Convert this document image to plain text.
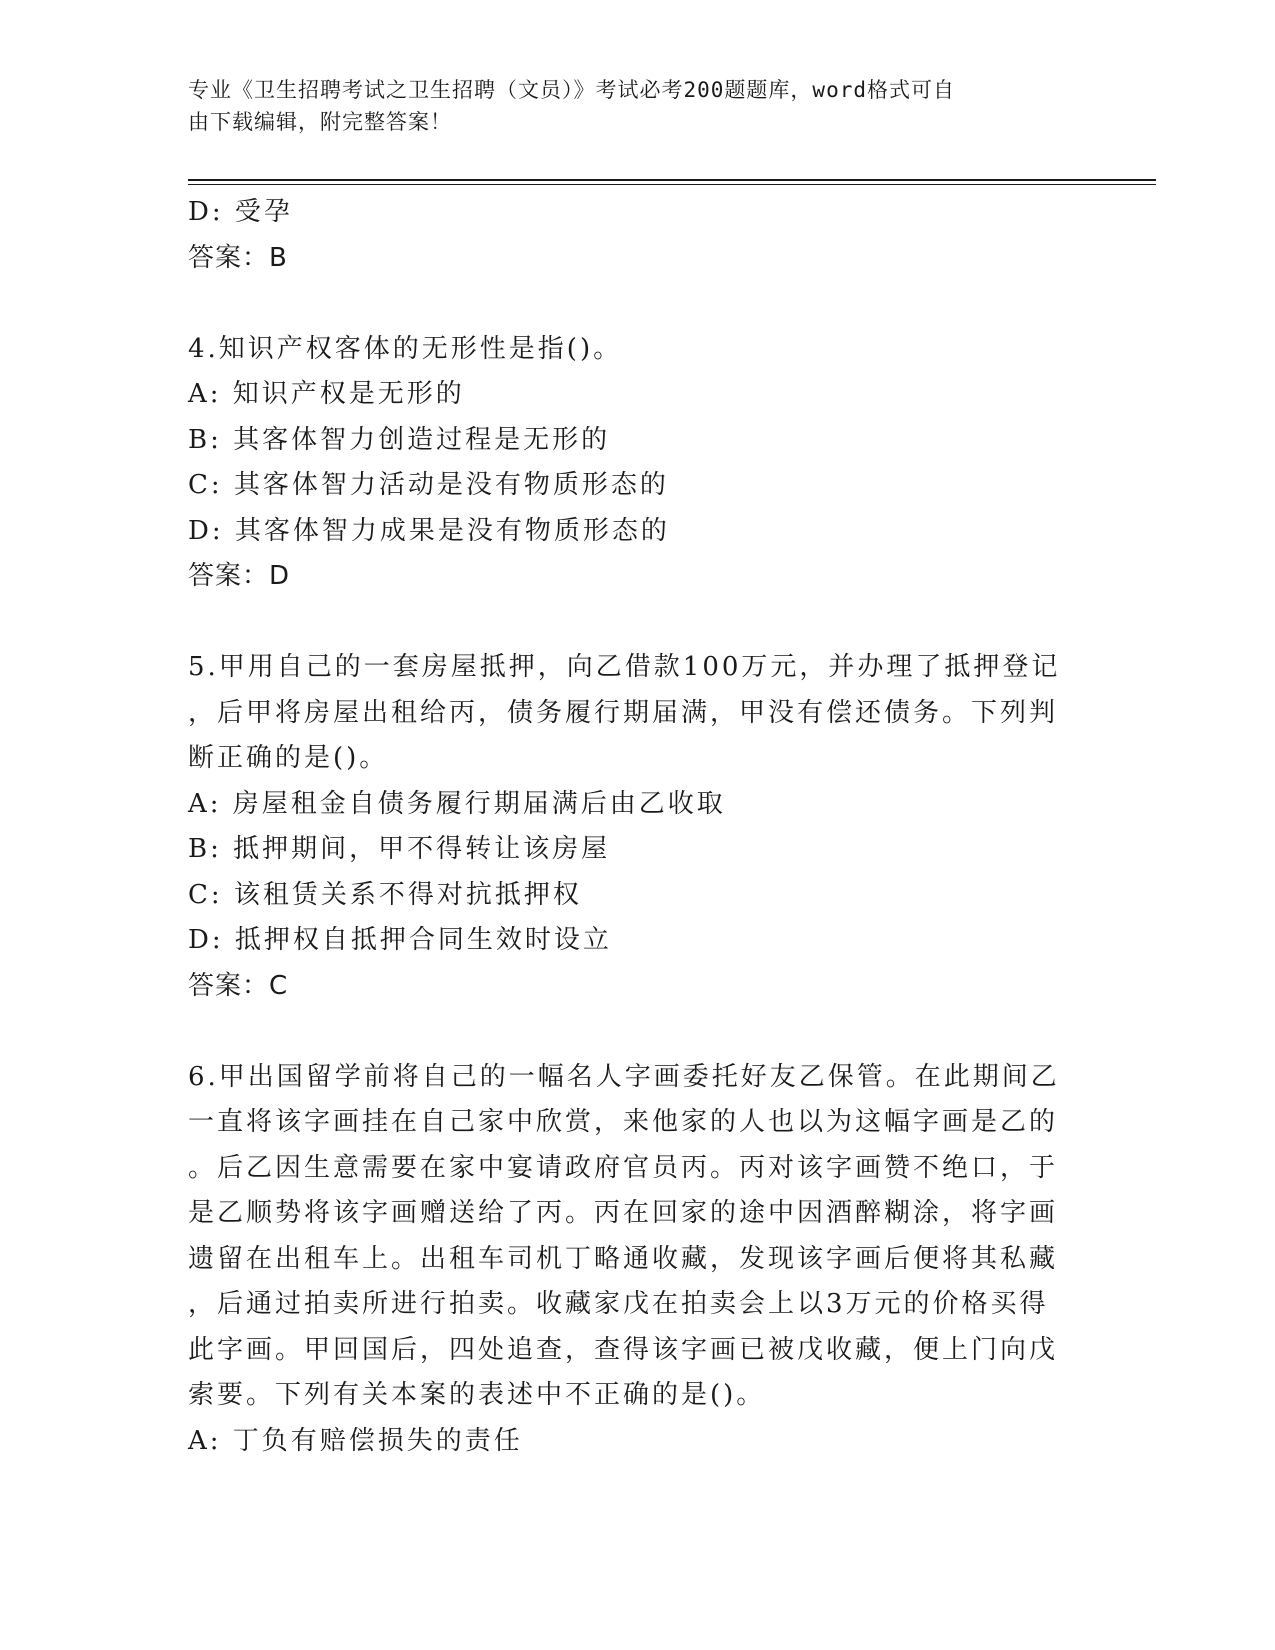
专业《卫生招聘考试之卫生招聘（文员）》考试必考200题题库，word格式可自
由下载编辑，附完整答案！
D: 受孕
答案：B
4.知识产权客体的无形性是指()。
A: 知识产权是无形的
B: 其客体智力创造过程是无形的
C: 其客体智力活动是没有物质形态的
D: 其客体智力成果是没有物质形态的
答案：D
5.甲用自己的一套房屋抵押，向乙借款100万元，并办理了抵押登记
，后甲将房屋出租给丙，债务履行期届满，甲没有偿还债务。下列判
断正确的是()。
A: 房屋租金自债务履行期届满后由乙收取
B: 抵押期间，甲不得转让该房屋
C: 该租赁关系不得对抗抵押权
D: 抵押权自抵押合同生效时设立
答案：C
6.甲出国留学前将自己的一幅名人字画委托好友乙保管。在此期间乙
一直将该字画挂在自己家中欣赏，来他家的人也以为这幅字画是乙的
。后乙因生意需要在家中宴请政府官员丙。丙对该字画赞不绝口，于
是乙顺势将该字画赠送给了丙。丙在回家的途中因酒醉糊涂，将字画
遗留在出租车上。出租车司机丁略通收藏，发现该字画后便将其私藏
，后通过拍卖所进行拍卖。收藏家戊在拍卖会上以3万元的价格买得
此字画。甲回国后，四处追查，查得该字画已被戊收藏，便上门向戊
索要。下列有关本案的表述中不正确的是()。
A: 丁负有赔偿损失的责任
